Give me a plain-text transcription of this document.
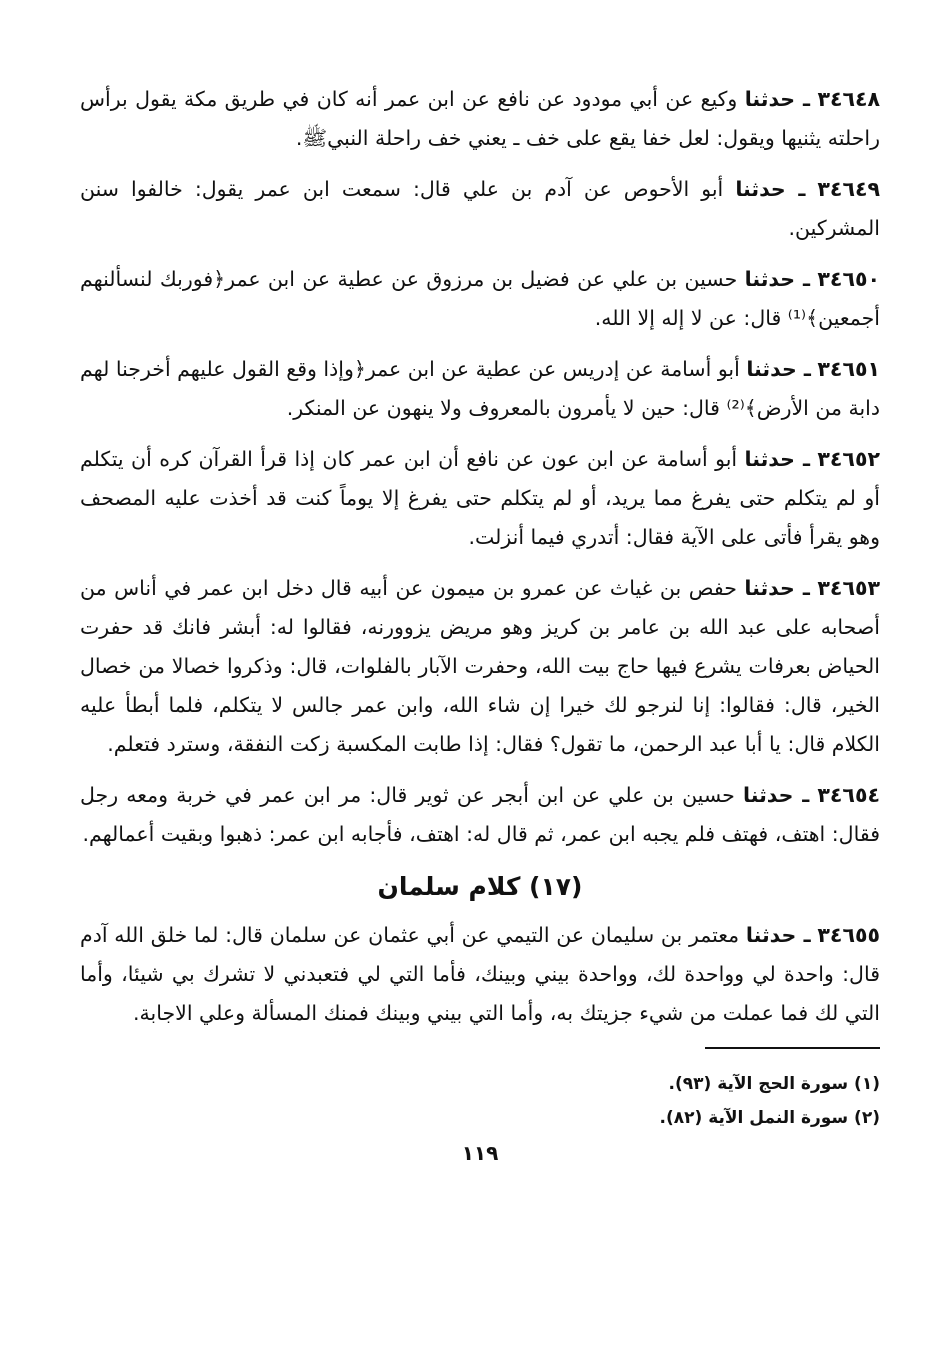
٣٤٦٤٨ ـ حدثنا وكيع عن أبي مودود عن نافع عن ابن عمر أنه كان في طريق مكة يقول برأس راحلته يثنيها ويقول: لعل خفا يقع على خف ـ يعني خف راحلة النبيﷺ.

٣٤٦٤٩ ـ حدثنا أبو الأحوص عن آدم بن علي قال: سمعت ابن عمر يقول: خالفوا سنن المشركين.

٣٤٦٥٠ ـ حدثنا حسين بن علي عن فضيل بن مرزوق عن عطية عن ابن عمر﴿فوربك لنسألنهم أجمعين﴾⁽¹⁾ قال: عن لا إله إلا الله.

٣٤٦٥١ ـ حدثنا أبو أسامة عن إدريس عن عطية عن ابن عمر﴿وإذا وقع القول عليهم أخرجنا لهم دابة من الأرض﴾⁽²⁾ قال: حين لا يأمرون بالمعروف ولا ينهون عن المنكر.

٣٤٦٥٢ ـ حدثنا أبو أسامة عن ابن عون عن نافع أن ابن عمر كان إذا قرأ القرآن كره أن يتكلم أو لم يتكلم حتى يفرغ مما يريد، أو لم يتكلم حتى يفرغ إلا يوماً كنت قد أخذت عليه المصحف وهو يقرأ فأتى على الآية فقال: أتدري فيما أنزلت.

٣٤٦٥٣ ـ حدثنا حفص بن غياث عن عمرو بن ميمون عن أبيه قال دخل ابن عمر في أناس من أصحابه على عبد الله بن عامر بن كريز وهو مريض يزوورنه، فقالوا له: أبشر فانك قد حفرت الحياض بعرفات يشرع فيها حاج بيت الله، وحفرت الآبار بالفلوات، قال: وذكروا خصالا من خصال الخير، قال: فقالوا: إنا لنرجو لك خيرا إن شاء الله، وابن عمر جالس لا يتكلم، فلما أبطأ عليه الكلام قال: يا أبا عبد الرحمن، ما تقول؟ فقال: إذا طابت المكسبة زكت النفقة، وسترد فتعلم.

٣٤٦٥٤ ـ حدثنا حسين بن علي عن ابن أبجر عن ثوير قال: مر ابن عمر في خربة ومعه رجل فقال: اهتف، فهتف فلم يجبه ابن عمر، ثم قال له: اهتف، فأجابه ابن عمر: ذهبوا وبقيت أعمالهم.

(١٧) كلام سلمان

٣٤٦٥٥ ـ حدثنا معتمر بن سليمان عن التيمي عن أبي عثمان عن سلمان قال: لما خلق الله آدم قال: واحدة لي وواحدة لك، وواحدة بيني وبينك، فأما التي لي فتعبدني لا تشرك بي شيئا، وأما التي لك فما عملت من شيء جزيتك به، وأما التي بيني وبينك فمنك المسألة وعلي الاجابة.

(١) سورة الحج الآية (٩٣).

(٢) سورة النمل الآية (٨٢).

١١٩
